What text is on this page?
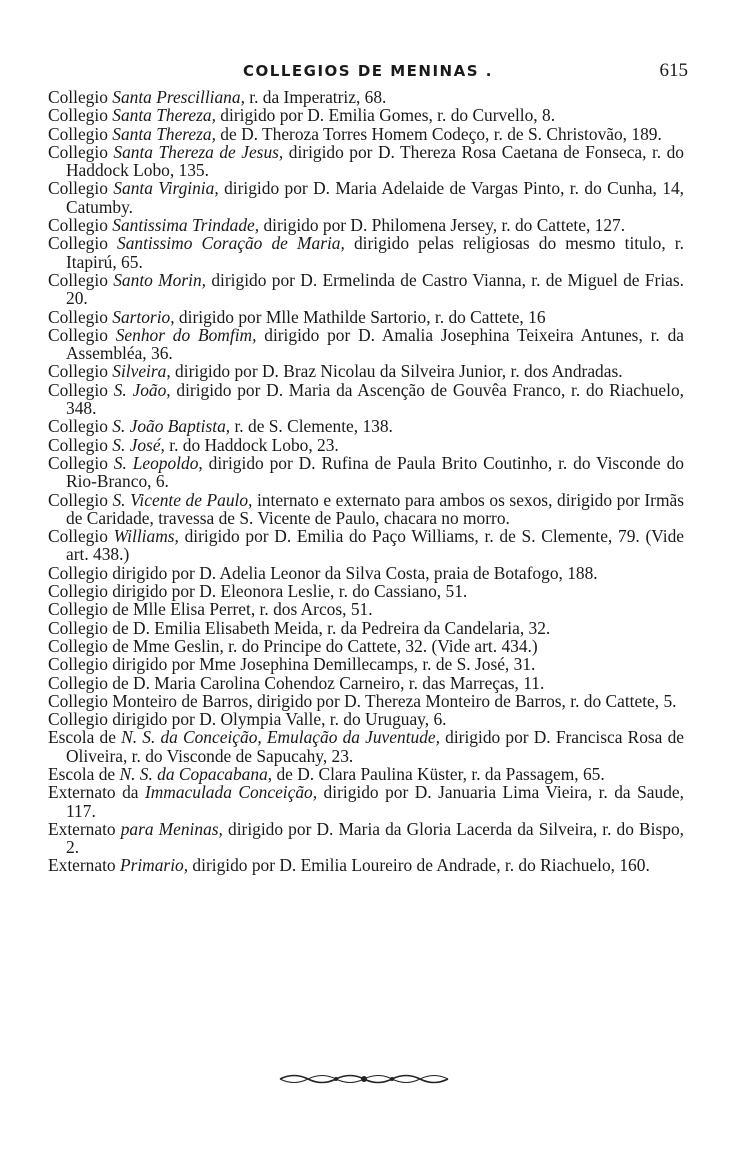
COLLEGIOS DE MENINAS .	615
Collegio Santa Prescilliana, r. da Imperatriz, 68.
Collegio Santa Thereza, dirigido por D. Emilia Gomes, r. do Curvello, 8.
Collegio Santa Thereza, de D. Theroza Torres Homem Codeço, r. de S. Christovão, 189.
Collegio Santa Thereza de Jesus, dirigido por D. Thereza Rosa Caetana de Fonseca, r. do Haddock Lobo, 135.
Collegio Santa Virginia, dirigido por D. Maria Adelaide de Vargas Pinto, r. do Cunha, 14, Catumby.
Collegio Santissima Trindade, dirigido por D. Philomena Jersey, r. do Cattete, 127.
Collegio Santissimo Coração de Maria, dirigido pelas religiosas do mesmo titulo, r. Itapirú, 65.
Collegio Santo Morin, dirigido por D. Ermelinda de Castro Vianna, r. de Miguel de Frias. 20.
Collegio Sartorio, dirigido por Mlle Mathilde Sartorio, r. do Cattete, 16
Collegio Senhor do Bomfim, dirigido por D. Amalia Josephina Teixeira Antunes, r. da Assembléa, 36.
Collegio Silveira, dirigido por D. Braz Nicolau da Silveira Junior, r. dos Andradas.
Collegio S. João, dirigido por D. Maria da Ascenção de Gouvêa Franco, r. do Riachuelo, 348.
Collegio S. João Baptista, r. de S. Clemente, 138.
Collegio S. José, r. do Haddock Lobo, 23.
Collegio S. Leopoldo, dirigido por D. Rufina de Paula Brito Coutinho, r. do Visconde do Rio-Branco, 6.
Collegio S. Vicente de Paulo, internato e externato para ambos os sexos, dirigido por Irmãs de Caridade, travessa de S. Vicente de Paulo, chacara no morro.
Collegio Williams, dirigido por D. Emilia do Paço Williams, r. de S. Clemente, 79. (Vide art. 438.)
Collegio dirigido por D. Adelia Leonor da Silva Costa, praia de Botafogo, 188.
Collegio dirigido por D. Eleonora Leslie, r. do Cassiano, 51.
Collegio de Mlle Elisa Perret, r. dos Arcos, 51.
Collegio de D. Emilia Elisabeth Meida, r. da Pedreira da Candelaria, 32.
Collegio de Mme Geslin, r. do Principe do Cattete, 32. (Vide art. 434.)
Collegio dirigido por Mme Josephina Demillecamps, r. de S. José, 31.
Collegio de D. Maria Carolina Cohendoz Carneiro, r. das Marreças, 11.
Collegio Monteiro de Barros, dirigido por D. Thereza Monteiro de Barros, r. do Cattete, 5.
Collegio dirigido por D. Olympia Valle, r. do Uruguay, 6.
Escola de N. S. da Conceição, Emulação da Juventude, dirigido por D. Francisca Rosa de Oliveira, r. do Visconde de Sapucahy, 23.
Escola de N. S. da Copacabana, de D. Clara Paulina Küster, r. da Passagem, 65.
Externato da Immaculada Conceição, dirigido por D. Januaria Lima Vieira, r. da Saude, 117.
Externato para Meninas, dirigido por D. Maria da Gloria Lacerda da Silveira, r. do Bispo, 2.
Externato Primario, dirigido por D. Emilia Loureiro de Andrade, r. do Riachuelo, 160.
